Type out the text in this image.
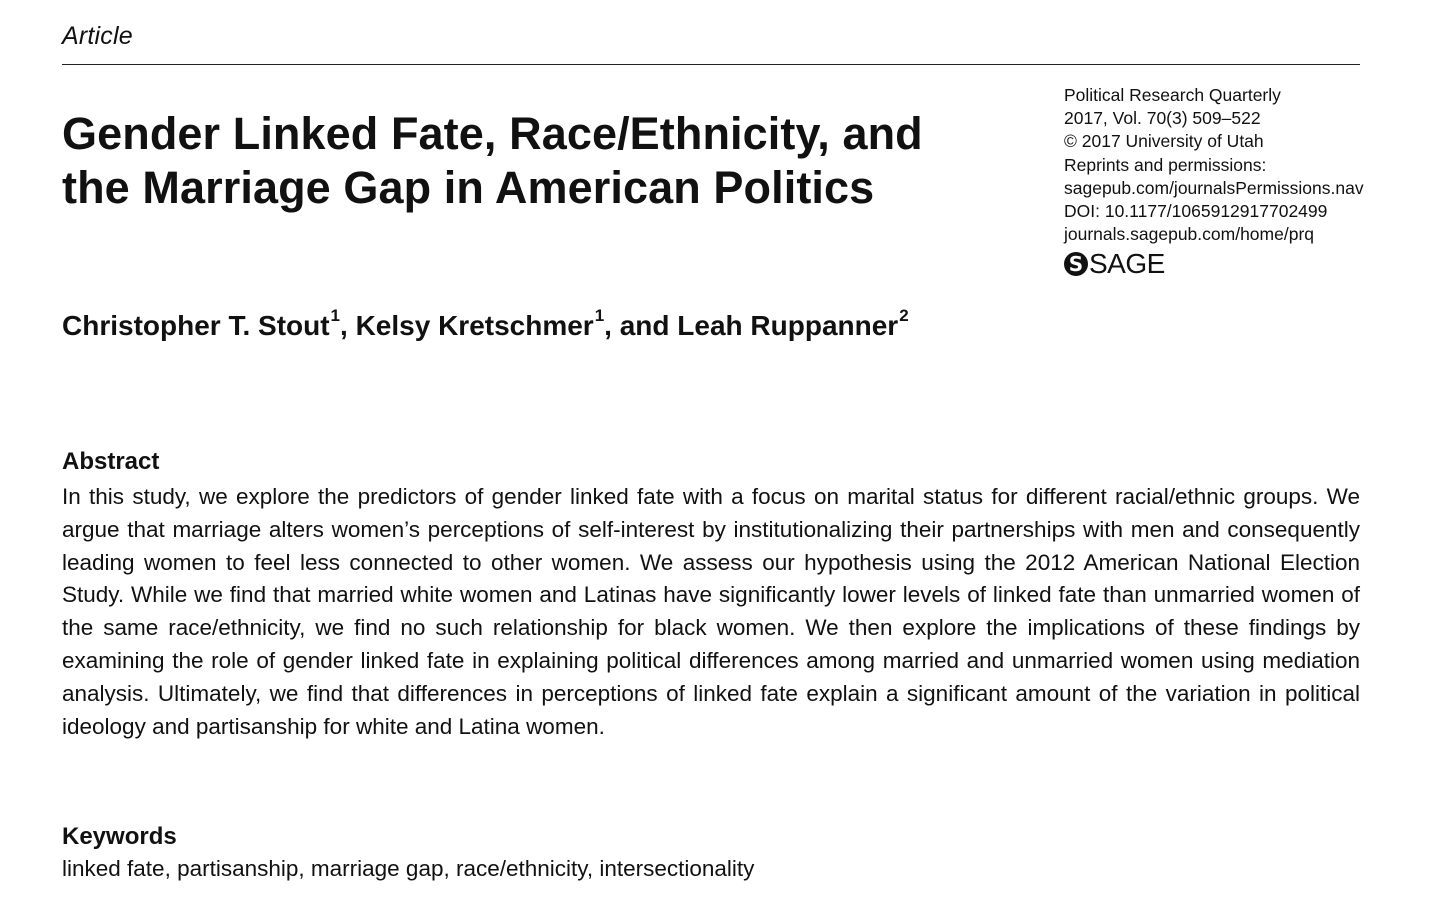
Article
Gender Linked Fate, Race/Ethnicity, and
the Marriage Gap in American Politics
Political Research Quarterly
2017, Vol. 70(3) 509–522
© 2017 University of Utah
Reprints and permissions:
sagepub.com/journalsPermissions.nav
DOI: 10.1177/1065912917702499
journals.sagepub.com/home/prq
S SAGE
Christopher T. Stout$^1$, Kelsy Kretschmer$^1$, and Leah Ruppanner$^2$
Abstract

In this study, we explore the predictors of gender linked fate with a focus on marital status for different racial/ethnic groups. We argue that marriage alters women’s perceptions of self-interest by institutionalizing their partnerships with men and consequently leading women to feel less connected to other women. We assess our hypothesis using the 2012 American National Election Study. While we find that married white women and Latinas have significantly lower levels of linked fate than unmarried women of the same race/ethnicity, we find no such relationship for black women. We then explore the implications of these findings by examining the role of gender linked fate in explaining political differences among married and unmarried women using mediation analysis. Ultimately, we find that differences in perceptions of linked fate explain a significant amount of the variation in political ideology and partisanship for white and Latina women.

Keywords
linked fate, partisanship, marriage gap, race/ethnicity, intersectionality
